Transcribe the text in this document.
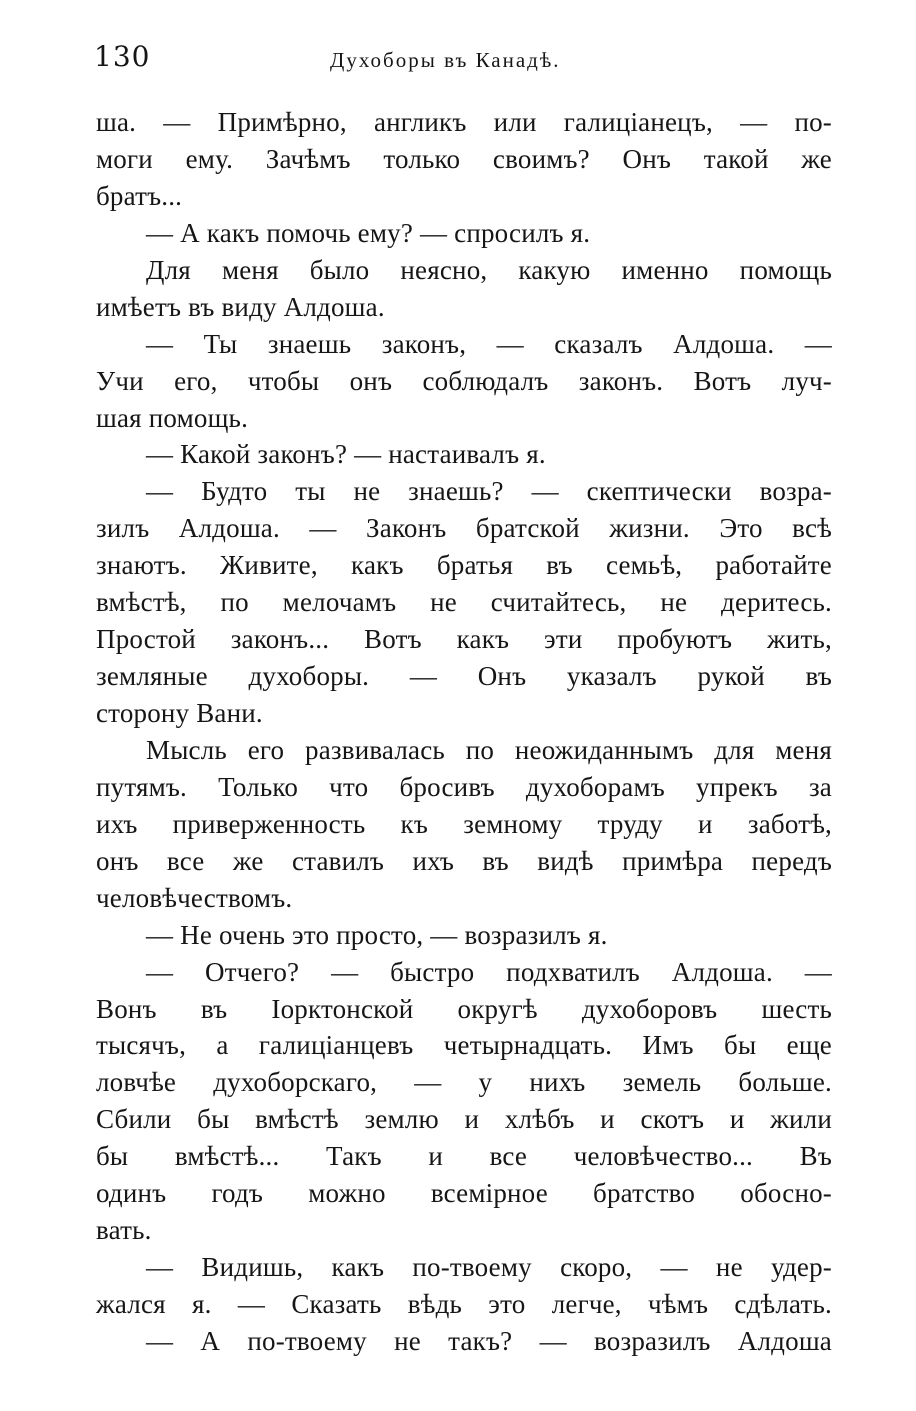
130	Духоборы въ Канадѣ.
ша. — Примѣрно, англикъ или галиціанецъ, — по-
моги ему. Зачѣмъ только своимъ? Онъ такой же
братъ...
— А какъ помочь ему? — спросилъ я.
Для меня было неясно, какую именно помощь
имѣетъ въ виду Алдоша.
— Ты знаешь законъ, — сказалъ Алдоша. —
Учи его, чтобы онъ соблюдалъ законъ. Вотъ луч-
шая помощь.
— Какой законъ? — настаивалъ я.
— Будто ты не знаешь? — скептически возра-
зилъ Алдоша. — Законъ братской жизни. Это всѣ
знаютъ. Живите, какъ братья въ семьѣ, работайте
вмѣстѣ, по мелочамъ не считайтесь, не деритесь.
Простой законъ... Вотъ какъ эти пробуютъ жить,
земляные духоборы. — Онъ указалъ рукой въ
сторону Вани.
Мысль его развивалась по неожиданнымъ для меня
путямъ. Только что бросивъ духоборамъ упрекъ за
ихъ приверженность къ земному труду и заботѣ,
онъ все же ставилъ ихъ въ видѣ примѣра передъ
человѣчествомъ.
— Не очень это просто, — возразилъ я.
— Отчего? — быстро подхватилъ Алдоша. —
Вонъ въ Іорктонской округѣ духоборовъ шесть
тысячъ, а галиціанцевъ четырнадцать. Имъ бы еще
ловчѣе духоборскаго, — у нихъ земель больше.
Сбили бы вмѣстѣ землю и хлѣбъ и скотъ и жили
бы вмѣстѣ... Такъ и все человѣчество... Въ
одинъ годъ можно всемірное братство обосно-
вать.
— Видишь, какъ по-твоему скоро, — не удер-
жался я. — Сказать вѣдь это легче, чѣмъ сдѣлать.
— А по-твоему не такъ? — возразилъ Алдоша
